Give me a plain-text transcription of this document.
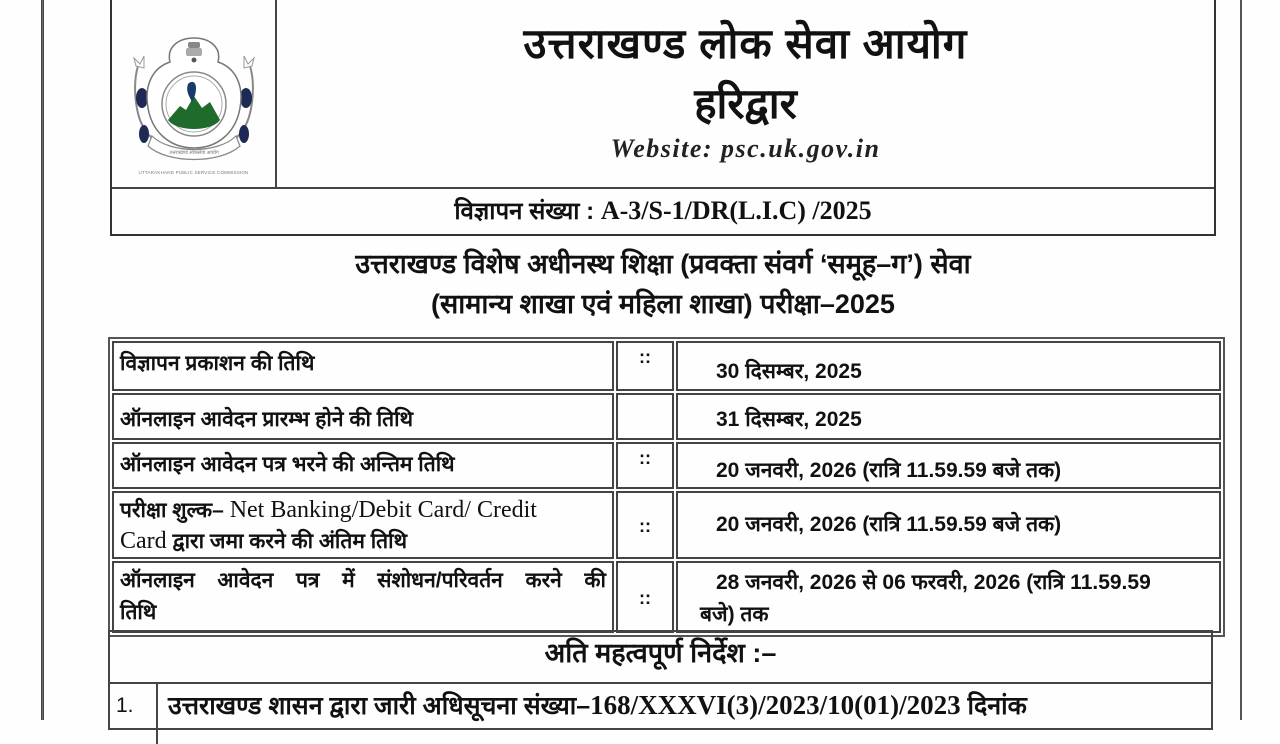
उत्तराखण्ड लोकसेवा आयोग
UTTARAKHAND PUBLIC SERVICE COMMISSION
उत्तराखण्ड लोक सेवा आयोग
हरिद्वार
Website: psc.uk.gov.in
विज्ञापन संख्या : A-3/S-1/DR(L.I.C) /2025
उत्तराखण्ड विशेष अधीनस्थ शिक्षा (प्रवक्ता संवर्ग ‘समूह–ग’) सेवा
(सामान्य शाखा एवं महिला शाखा) परीक्षा–2025
विज्ञापन प्रकाशन की तिथि	::	30 दिसम्बर, 2025
ऑनलाइन आवेदन प्रारम्भ होने की तिथि		31 दिसम्बर, 2025
ऑनलाइन आवेदन पत्र भरने की अन्तिम तिथि	::	20 जनवरी, 2026 (रात्रि 11.59.59 बजे तक)
परीक्षा शुल्क– Net Banking/Debit Card/ Credit
Card द्वारा जमा करने की अंतिम तिथि	::	20 जनवरी, 2026 (रात्रि 11.59.59 बजे तक)

ऑनलाइन आवेदन पत्र में संशोधन/परिवर्तन करने की
तिथि	::	28 जनवरी, 2026 से 06 फरवरी, 2026 (रात्रि 11.59.59
बजे) तक
अति महत्वपूर्ण निर्देश :–
1.	उत्तराखण्ड शासन द्वारा जारी अधिसूचना संख्या–168/XXXVI(3)/2023/10(01)/2023 दिनांक
